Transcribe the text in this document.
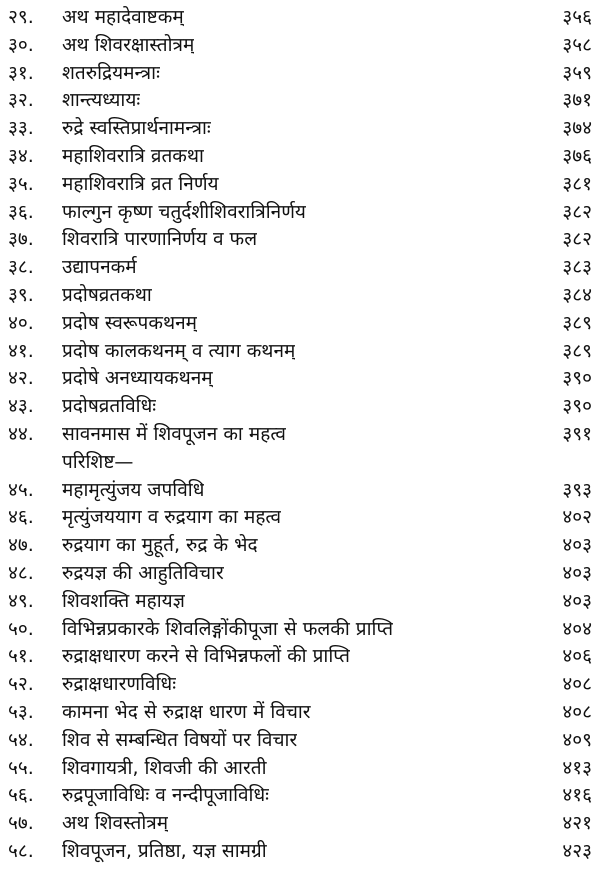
२९. अथ महादेवाष्टकम्	३५६
३०. अथ शिवरक्षास्तोत्रम्	३५८
३१. शतरुद्रियमन्त्राः	३५९
३२. शान्त्यध्यायः	३७१
३३. रुद्रे स्वस्तिप्रार्थनामन्त्राः	३७४
३४. महाशिवरात्रि व्रतकथा	३७६
३५. महाशिवरात्रि व्रत निर्णय	३८१
३६. फाल्गुन कृष्ण चतुर्दशीशिवरात्रिनिर्णय	३८२
३७. शिवरात्रि पारणानिर्णय व फल	३८२
३८. उद्यापनकर्म	३८३
३९. प्रदोषव्रतकथा	३८४
४०. प्रदोष स्वरूपकथनम्	३८९
४१. प्रदोष कालकथनम् व त्याग कथनम्	३८९
४२. प्रदोषे अनध्यायकथनम्	३९०
४३. प्रदोषव्रतविधिः	३९०
४४. सावनमास में शिवपूजन का महत्व	३९१
परिशिष्ट—
४५. महामृत्युंजय जपविधि	३९३
४६. मृत्युंजययाग व रुद्रयाग का महत्व	४०२
४७. रुद्रयाग का मुहूर्त, रुद्र के भेद	४०३
४८. रुद्रयज्ञ की आहुतिविचार	४०३
४९. शिवशक्ति महायज्ञ	४०३
५०. विभिन्नप्रकारके शिवलिङ्गोंकीपूजा से फलकी प्राप्ति	४०४
५१. रुद्राक्षधारण करने से विभिन्नफलों की प्राप्ति	४०६
५२. रुद्राक्षधारणविधिः	४०८
५३. कामना भेद से रुद्राक्ष धारण में विचार	४०८
५४. शिव से सम्बन्धित विषयों पर विचार	४०९
५५. शिवगायत्री, शिवजी की आरती	४१३
५६. रुद्रपूजाविधिः व नन्दीपूजाविधिः	४१६
५७. अथ शिवस्तोत्रम्	४२१
५८. शिवपूजन, प्रतिष्ठा, यज्ञ सामग्री	४२३
